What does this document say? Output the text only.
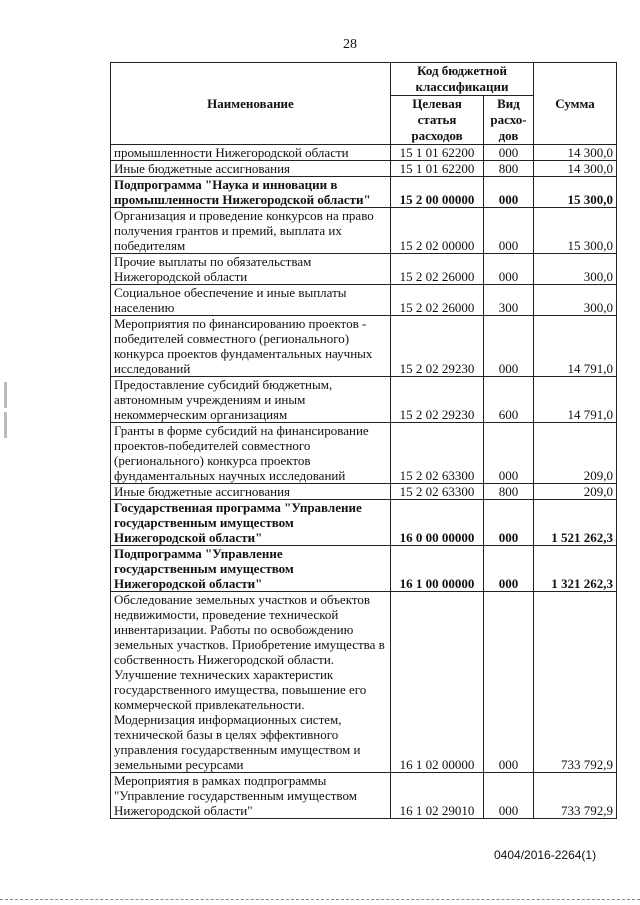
28
Наименование	Код бюджетной классификации		Сумма
	Целевая статья расходов	Вид расхо-дов	
промышленности Нижегородской области	15 1 01 62200	000	14 300,0
Иные бюджетные ассигнования	15 1 01 62200	800	14 300,0
Подпрограмма "Наука и инновации в промышленности Нижегородской области"	15 2 00 00000	000	15 300,0
Организация и проведение конкурсов на право получения грантов и премий, выплата их победителям	15 2 02 00000	000	15 300,0
Прочие выплаты по обязательствам Нижегородской области	15 2 02 26000	000	300,0
Социальное обеспечение и иные выплаты населению	15 2 02 26000	300	300,0
Мероприятия по финансированию проектов - победителей совместного (регионального) конкурса проектов фундаментальных научных исследований	15 2 02 29230	000	14 791,0
Предоставление субсидий бюджетным, автономным учреждениям и иным некоммерческим организациям	15 2 02 29230	600	14 791,0
Гранты в форме субсидий на финансирование проектов-победителей совместного (регионального) конкурса проектов фундаментальных научных исследований	15 2 02 63300	000	209,0
Иные бюджетные ассигнования	15 2 02 63300	800	209,0
Государственная программа "Управление государственным имуществом Нижегородской области"	16 0 00 00000	000	1 521 262,3
Подпрограмма "Управление государственным имуществом Нижегородской области"	16 1 00 00000	000	1 321 262,3
Обследование земельных участков и объектов недвижимости, проведение технической инвентаризации. Работы по освобождению земельных участков. Приобретение имущества в собственность Нижегородской области. Улучшение технических характеристик государственного имущества, повышение его коммерческой привлекательности. Модернизация информационных систем, технической базы в целях эффективного управления государственным имуществом и земельными ресурсами	16 1 02 00000	000	733 792,9
Мероприятия в рамках подпрограммы "Управление государственным имуществом Нижегородской области"	16 1 02 29010	000	733 792,9
0404/2016-2264(1)
